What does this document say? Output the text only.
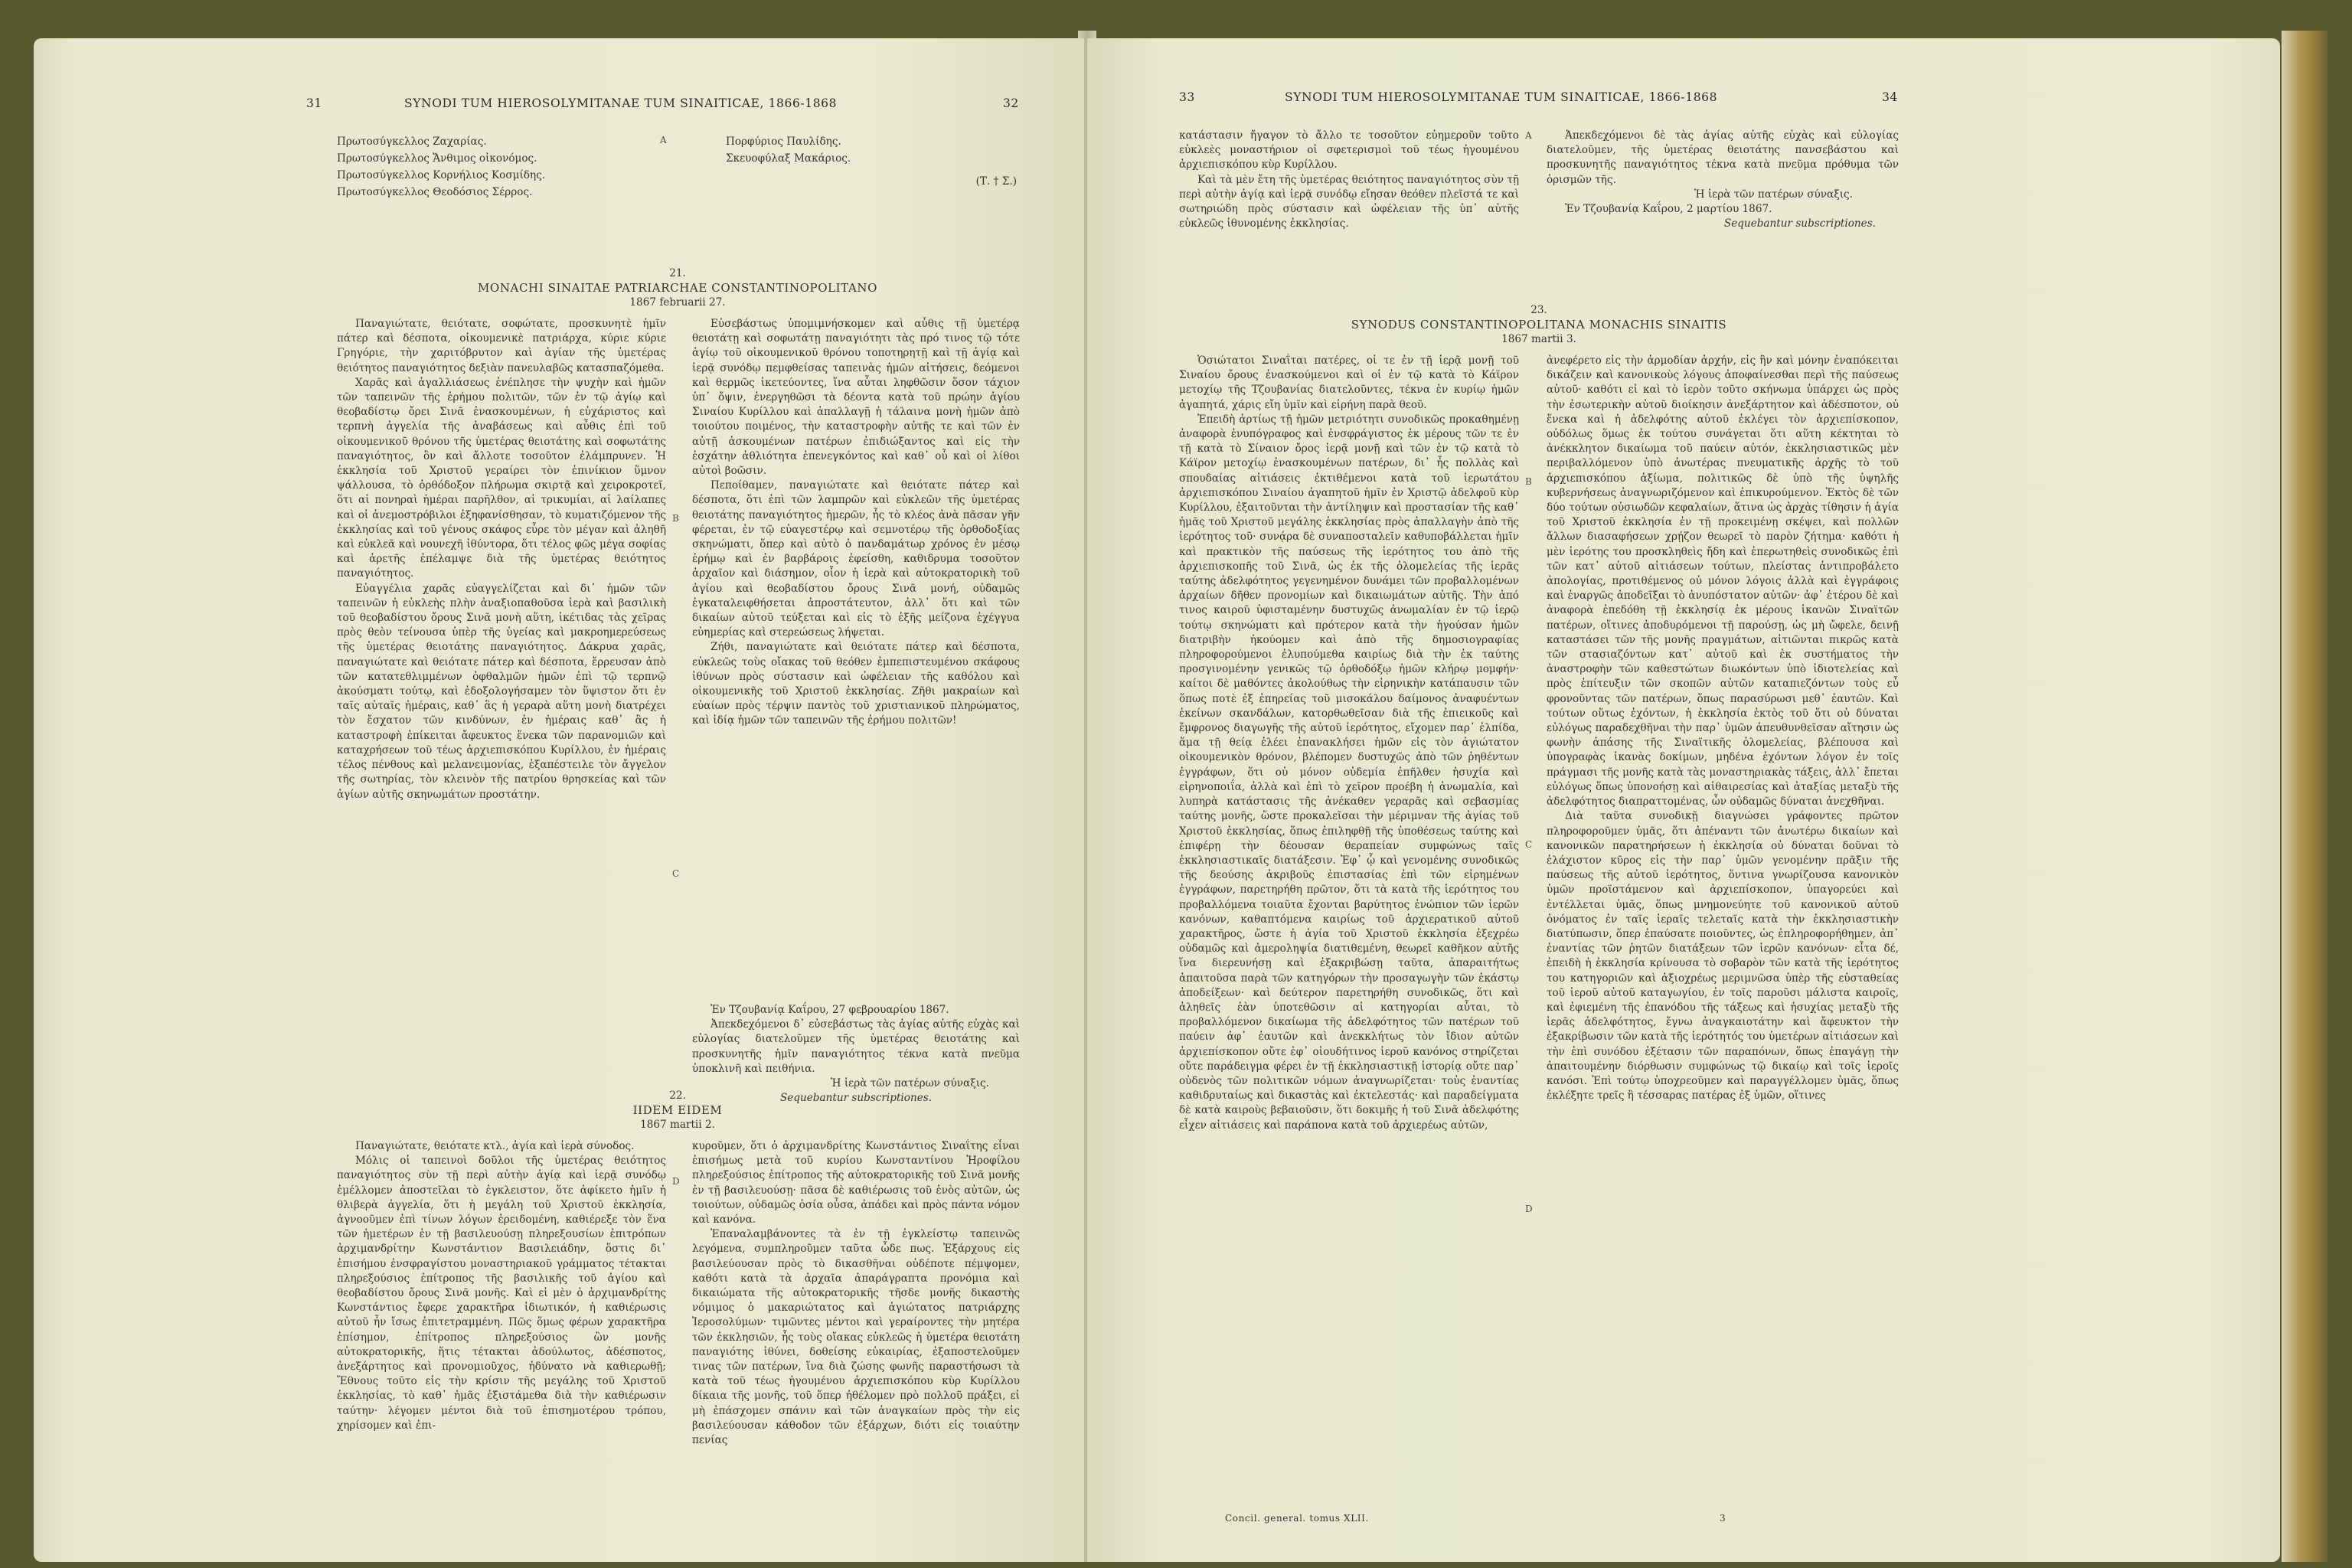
31	SYNODI TUM HIEROSOLYMITANAE TUM SINAITICAE, 1866-1868	32
Πρωτοσύγκελλος Ζαχαρίας.
Πρωτοσύγκελλος Ἄνθιμος οἰκονόμος.
Πρωτοσύγκελλος Κορνήλιος Κοσμίδης.
Πρωτοσύγκελλος Θεοδόσιος Σέρρος.
A	Πορφύριος Παυλίδης.
Σκευοφύλαξ Μακάριος.
(Τ. † Σ.)
21.
MONACHI SINAITAE PATRIARCHAE CONSTANTINOPOLITANO
1867 februarii 27.

Παναγιώτατε, θειότατε, σοφώτατε, προσκυνητὲ ἡμῖν πάτερ καὶ δέσποτα, οἰκουμενικὲ πατριάρχα, κύριε κύριε Γρηγόριε, τὴν χαριτόβρυτον καὶ ἁγίαν τῆς ὑμετέρας θειότητος παναγιότητος δεξιὰν πανευλαβῶς κατασπαζόμεθα.

Χαρᾶς καὶ ἀγαλλιάσεως ἐνέπλησε τὴν ψυχὴν καὶ ἡμῶν τῶν ταπεινῶν τῆς ἐρήμου πολιτῶν, τῶν ἐν τῷ ἁγίῳ καὶ θεοβαδίστῳ ὄρει Σινᾶ ἐνασκουμένων, ἡ εὐχάριστος καὶ τερπνὴ ἀγγελία τῆς ἀναβάσεως καὶ αὖθις ἐπὶ τοῦ οἰκουμενικοῦ θρόνου τῆς ὑμετέρας θειοτάτης καὶ σοφωτάτης παναγιότητος, ὃν καὶ ἄλλοτε τοσοῦτον ἐλάμπρυνεν. Ἡ ἐκκλησία τοῦ Χριστοῦ γεραίρει τὸν ἐπινίκιον ὕμνον ψάλλουσα, τὸ ὀρθόδοξον πλήρωμα σκιρτᾷ καὶ χειροκροτεῖ, ὅτι αἱ πονηραὶ ἡμέραι παρῆλθον, αἱ τρικυμίαι, αἱ λαίλαπες καὶ οἱ ἀνεμοστρόβιλοι ἐξηφανίσθησαν, τὸ κυματιζόμενον τῆς ἐκκλησίας καὶ τοῦ γένους σκάφος εὗρε τὸν μέγαν καὶ ἀληθῆ καὶ εὐκλεᾶ καὶ νουνεχῆ ἰθύντορα, ὅτι τέλος φῶς μέγα σοφίας καὶ ἀρετῆς ἐπέλαμψε διὰ τῆς ὑμετέρας θειότητος παναγιότητος.

Εὐαγγέλια χαρᾶς εὐαγγελίζεται καὶ δι᾿ ἡμῶν τῶν ταπεινῶν ἡ εὐκλεὴς πλὴν ἀναξιοπαθοῦσα ἱερὰ καὶ βασιλικὴ τοῦ θεοβαδίστου ὄρους Σινᾶ μονὴ αὕτη, ἱκέτιδας τὰς χεῖρας πρὸς θεὸν τείνουσα ὑπὲρ τῆς ὑγείας καὶ μακροημερεύσεως τῆς ὑμετέρας θειοτάτης παναγιότητος. Δάκρυα χαρᾶς, παναγιώτατε καὶ θειότατε πάτερ καὶ δέσποτα, ἔρρευσαν ἀπὸ τῶν κατατεθλιμμένων ὀφθαλμῶν ἡμῶν ἐπὶ τῷ τερπνῷ ἀκούσματι τούτῳ, καὶ ἐδοξολογήσαμεν τὸν ὕψιστον ὅτι ἐν ταῖς αὐταῖς ἡμέραις, καθ᾿ ἃς ἡ γεραρὰ αὕτη μονὴ διατρέχει τὸν ἔσχατον τῶν κινδύνων, ἐν ἡμέραις καθ᾿ ἃς ἡ καταστροφὴ ἐπίκειται ἄφευκτος ἕνεκα τῶν παρανομιῶν καὶ καταχρήσεων τοῦ τέως ἀρχιεπισκόπου Κυρίλλου, ἐν ἡμέραις τέλος πένθους καὶ μελανειμονίας, ἐξαπέστειλε τὸν ἄγγελον τῆς σωτηρίας, τὸν κλεινὸν τῆς πατρίου θρησκείας καὶ τῶν ἁγίων αὐτῆς σκηνωμάτων προστάτην.

B
C

Εὐσεβάστως ὑπομιμνήσκομεν καὶ αὖθις τῇ ὑμετέρᾳ θειοτάτῃ καὶ σοφωτάτῃ παναγιότητι τὰς πρό τινος τῷ τότε ἁγίῳ τοῦ οἰκουμενικοῦ θρόνου τοποτηρητῇ καὶ τῇ ἁγίᾳ καὶ ἱερᾷ συνόδῳ πεμφθείσας ταπεινὰς ἡμῶν αἰτήσεις, δεόμενοι καὶ θερμῶς ἱκετεύοντες, ἵνα αὗται ληφθῶσιν ὅσον τάχιον ὑπ᾿ ὄψιν, ἐνεργηθῶσι τὰ δέοντα κατὰ τοῦ πρώην ἁγίου Σιναίου Κυρίλλου καὶ ἀπαλλαγῇ ἡ τάλαινα μονὴ ἡμῶν ἀπὸ τοιούτου ποιμένος, τὴν καταστροφὴν αὐτῆς τε καὶ τῶν ἐν αὐτῇ ἀσκουμένων πατέρων ἐπιδιώξαντος καὶ εἰς τὴν ἐσχάτην ἀθλιότητα ἐπενεγκόντος καὶ καθ᾿ οὗ καὶ οἱ λίθοι αὐτοὶ βοῶσιν.

Πεποίθαμεν, παναγιώτατε καὶ θειότατε πάτερ καὶ δέσποτα, ὅτι ἐπὶ τῶν λαμπρῶν καὶ εὐκλεῶν τῆς ὑμετέρας θειοτάτης παναγιότητος ἡμερῶν, ἧς τὸ κλέος ἀνὰ πᾶσαν γῆν φέρεται, ἐν τῷ εὐαγεστέρῳ καὶ σεμνοτέρῳ τῆς ὀρθοδοξίας σκηνώματι, ὅπερ καὶ αὐτὸ ὁ πανδαμάτωρ χρόνος ἐν μέσῳ ἐρήμῳ καὶ ἐν βαρβάροις ἐφείσθη, καθιδρυμα τοσοῦτον ἀρχαῖον καὶ διάσημον, οἷον ἡ ἱερὰ καὶ αὐτοκρατορικὴ τοῦ ἁγίου καὶ θεοβαδίστου ὄρους Σινᾶ μονή, οὐδαμῶς ἐγκαταλειφθήσεται ἀπροστάτευτον, ἀλλ᾿ ὅτι καὶ τῶν δικαίων αὐτοῦ τεύξεται καὶ εἰς τὸ ἑξῆς μείζονα ἐχέγγυα εὐημερίας καὶ στερεώσεως λήψεται.

Ζήθι, παναγιώτατε καὶ θειότατε πάτερ καὶ δέσποτα, εὐκλεῶς τοὺς οἴακας τοῦ θεόθεν ἐμπεπιστευμένου σκάφους ἰθύνων πρὸς σύστασιν καὶ ὠφέλειαν τῆς καθόλου καὶ οἰκουμενικῆς τοῦ Χριστοῦ ἐκκλησίας. Ζῆθι μακραίων καὶ εὐαίων πρὸς τέρψιν παντὸς τοῦ χριστιανικοῦ πληρώματος, καὶ ἰδίᾳ ἡμῶν τῶν ταπεινῶν τῆς ἐρήμου πολιτῶν!

Ἐν Τζουβανίᾳ Καΐρου, 27 φεβρουαρίου 1867.

Ἀπεκδεχόμενοι δ᾿ εὐσεβάστως τὰς ἁγίας αὐτῆς εὐχὰς καὶ εὐλογίας διατελοῦμεν τῆς ὑμετέρας θειοτάτης καὶ προσκυνητῆς ἡμῖν παναγιότητος τέκνα κατὰ πνεῦμα ὑποκλινῆ καὶ πειθήνια.

Ἡ ἱερὰ τῶν πατέρων σύναξις.
Sequebantur subscriptiones.
22.
IIDEM EIDEM
1867 martii 2.

Παναγιώτατε, θειότατε κτλ., ἁγία καὶ ἱερὰ σύνοδος.

Μόλις οἱ ταπεινοὶ δοῦλοι τῆς ὑμετέρας θειότητος παναγιότητος σὺν τῇ περὶ αὐτὴν ἁγίᾳ καὶ ἱερᾷ συνόδῳ ἐμέλλομεν ἀποστεῖλαι τὸ ἐγκλειστον, ὅτε ἀφίκετο ἡμῖν ἡ θλιβερὰ ἀγγελία, ὅτι ἡ μεγάλη τοῦ Χριστοῦ ἐκκλησία, ἀγνοοῦμεν ἐπὶ τίνων λόγων ἐρειδομένη, καθιέρεξε τὸν ἕνα τῶν ἡμετέρων ἐν τῇ βασιλευούσῃ πληρεξουσίων ἐπιτρόπων ἀρχιμανδρίτην Κωνστάντιον Βασιλειάδην, ὅστις δι᾿ ἐπισήμου ἐνσφραγίστου μοναστηριακοῦ γράμματος τέτακται πληρεξούσιος ἐπίτροπος τῆς βασιλικῆς τοῦ ἁγίου καὶ θεοβαδίστου ὄρους Σινᾶ μονῆς. Καὶ εἰ μὲν ὁ ἀρχιμανδρίτης Κωνστάντιος ἔφερε χαρακτῆρα ἰδιωτικόν, ἡ καθιέρωσις αὐτοῦ ἦν ἴσως ἐπιτετραμμένη. Πῶς ὅμως φέρων χαρακτῆρα ἐπίσημον, ἐπίτροπος πληρεξούσιος ὢν μονῆς αὐτοκρατορικῆς, ἥτις τέτακται ἀδούλωτος, ἀδέσποτος, ἀνεξάρτητος καὶ προνομιοῦχος, ἠδύνατο νὰ καθιερωθῇ; Ἔθνους τοῦτο εἰς τὴν κρίσιν τῆς μεγάλης τοῦ Χριστοῦ ἐκκλησίας, τὸ καθ᾿ ἡμᾶς ἐξιστάμεθα διὰ τὴν καθιέρωσιν ταύτην· λέγομεν μέντοι διὰ τοῦ ἐπισημοτέρου τρόπου, χηρίσομεν καὶ ἐπι-

D

κυροῦμεν, ὅτι ὁ ἀρχιμανδρίτης Κωνστάντιος Σιναΐτης εἶναι ἐπισήμως μετὰ τοῦ κυρίου Κωνσταντίνου Ἡροφίλου πληρεξούσιος ἐπίτροπος τῆς αὐτοκρατορικῆς τοῦ Σινᾶ μονῆς ἐν τῇ βασιλευούσῃ· πᾶσα δὲ καθιέρωσις τοῦ ἑνὸς αὐτῶν, ὡς τοιούτων, οὐδαμῶς ὁσία οὖσα, ἀπάδει καὶ πρὸς πάντα νόμον καὶ κανόνα.

Ἐπαναλαμβάνοντες τὰ ἐν τῇ ἐγκλείστῳ ταπεινῶς λεγόμενα, συμπληροῦμεν ταῦτα ὧδε πως. Ἐξάρχους εἰς βασιλεύουσαν πρὸς τὸ δικασθῆναι οὐδέποτε πέμψομεν, καθότι κατὰ τὰ ἀρχαῖα ἀπαράγραπτα προνόμια καὶ δικαιώματα τῆς αὐτοκρατορικῆς τῆσδε μονῆς δικαστὴς νόμιμος ὁ μακαριώτατος καὶ ἁγιώτατος πατριάρχης Ἱεροσολύμων· τιμῶντες μέντοι καὶ γεραίροντες τὴν μητέρα τῶν ἐκκλησιῶν, ἧς τοὺς οἴακας εὐκλεῶς ἡ ὑμετέρα θειοτάτη παναγιότης ἰθύνει, δοθείσης εὐκαιρίας, ἐξαποστελοῦμεν τινας τῶν πατέρων, ἵνα διὰ ζώσης φωνῆς παραστήσωσι τὰ κατὰ τοῦ τέως ἡγουμένου ἀρχιεπισκόπου κὺρ Κυρίλλου δίκαια τῆς μονῆς, τοῦ ὅπερ ἠθέλομεν πρὸ πολλοῦ πράξει, εἰ μὴ ἐπάσχομεν σπάνιν καὶ τῶν ἀναγκαίων πρὸς τὴν εἰς βασιλεύουσαν κάθοδον τῶν ἐξάρχων, διότι εἰς τοιαύτην πενίας

33	SYNODI TUM HIEROSOLYMITANAE TUM SINAITICAE, 1866-1868	34

κατάστασιν ἤγαγον τὸ ἄλλο τε τοσοῦτον εὐημεροῦν τοῦτο εὐκλεὲς μοναστήριον οἱ σφετερισμοὶ τοῦ τέως ἡγουμένου ἀρχιεπισκόπου κὺρ Κυρίλλου.

Καὶ τὰ μὲν ἔτη τῆς ὑμετέρας θειότητος παναγιότητος σὺν τῇ περὶ αὐτὴν ἁγίᾳ καὶ ἱερᾷ συνόδῳ εἴησαν θεόθεν πλεῖστά τε καὶ σωτηριώδη πρὸς σύστασιν καὶ ὠφέλειαν τῆς ὑπ᾿ αὐτῆς εὐκλεῶς ἰθυνομένης ἐκκλησίας.

A	Ἀπεκδεχόμενοι δὲ τὰς ἁγίας αὐτῆς εὐχὰς καὶ εὐλογίας διατελοῦμεν, τῆς ὑμετέρας θειοτάτης πανσεβάστου καὶ προσκυνητῆς παναγιότητος τέκνα κατὰ πνεῦμα πρόθυμα τῶν ὁρισμῶν τῆς.

Ἡ ἱερὰ τῶν πατέρων σύναξις.

Ἐν Τζουβανίᾳ Καΐρου, 2 μαρτίου 1867.

Sequebantur subscriptiones.
23.
SYNODUS CONSTANTINOPOLITANA MONACHIS SINAITIS
1867 martii 3.

Ὁσιώτατοι Σιναΐται πατέρες, οἱ τε ἐν τῇ ἱερᾷ μονῇ τοῦ Σιναίου ὄρους ἐνασκούμενοι καὶ οἱ ἐν τῷ κατὰ τὸ Κάϊρον μετοχίῳ τῆς Τζουβανίας διατελοῦντες, τέκνα ἐν κυρίῳ ἡμῶν ἀγαπητά, χάρις εἴη ὑμῖν καὶ εἰρήνη παρὰ θεοῦ.

Ἐπειδὴ ἀρτίως τῇ ἡμῶν μετριότητι συνοδικῶς προκαθημένῃ ἀναφορὰ ἐνυπόγραφος καὶ ἐνσφράγιστος ἐκ μέρους τῶν τε ἐν τῇ κατὰ τὸ Σίναιον ὄρος ἱερᾷ μονῇ καὶ τῶν ἐν τῷ κατὰ τὸ Κάϊρον μετοχίῳ ἐνασκουμένων πατέρων, δι᾿ ἧς πολλὰς καὶ σπουδαίας αἰτιάσεις ἐκτιθέμενοι κατὰ τοῦ ἱερωτάτου ἀρχιεπισκόπου Σιναίου ἀγαπητοῦ ἡμῖν ἐν Χριστῷ ἀδελφοῦ κὺρ Κυρίλλου, ἐξαιτοῦνται τὴν ἀντίληψιν καὶ προστασίαν τῆς καθ᾿ ἡμᾶς τοῦ Χριστοῦ μεγάλης ἐκκλησίας πρὸς ἀπαλλαγὴν ἀπὸ τῆς ἱερότητος τοῦ· συνᾴρα δὲ συναποσταλεῖν καθυποβάλλεται ἡμῖν καὶ πρακτικὸν τῆς παύσεως τῆς ἱερότητος του ἀπὸ τῆς ἀρχιεπισκοπῆς τοῦ Σινᾶ, ὡς ἐκ τῆς ὁλομελείας τῆς ἱερᾶς ταύτης ἀδελφότητος γεγενημένον δυνάμει τῶν προβαλλομένων ἀρχαίων δῆθεν προνομίων καὶ δικαιωμάτων αὐτῆς. Τὴν ἀπό τινος καιροῦ ὑφισταμένην δυστυχῶς ἀνωμαλίαν ἐν τῷ ἱερῷ τούτῳ σκηνώματι καὶ πρότερον κατὰ τὴν ἡγούσαν ἡμῶν διατριβὴν ἠκούομεν καὶ ἀπὸ τῆς δημοσιογραφίας πληροφορούμενοι ἐλυπούμεθα καιρίως διὰ τὴν ἐκ ταύτης προσγινομένην γενικῶς τῷ ὀρθοδόξῳ ἡμῶν κλήρῳ μομφήν· καίτοι δὲ μαθόντες ἀκολούθως τὴν εἰρηνικὴν κατάπαυσιν τῶν ὅπως ποτὲ ἐξ ἐπηρείας τοῦ μισοκάλου δαίμονος ἀναφυέντων ἐκείνων σκανδάλων, κατορθωθεῖσαν διὰ τῆς ἐπιεικοῦς καὶ ἔμφρονος διαγωγῆς τῆς αὐτοῦ ἱερότητος, εἴχομεν παρ᾿ ἐλπίδα, ἅμα τῇ θείᾳ ἐλέει ἐπανακλήσει ἡμῶν εἰς τὸν ἁγιώτατον οἰκουμενικὸν θρόνον, βλέπομεν δυστυχῶς ἀπὸ τῶν ῥηθέντων ἐγγράφων, ὅτι οὐ μόνον οὐδεμία ἐπῆλθεν ἡσυχία καὶ εἰρηνοποιΐα, ἀλλὰ καὶ ἐπὶ τὸ χεῖρον προέβη ἡ ἀνωμαλία, καὶ λυπηρὰ κατάστασις τῆς ἀνέκαθεν γεραρᾶς καὶ σεβασμίας ταύτης μονῆς, ὥστε προκαλεῖσαι τὴν μέριμναν τῆς ἁγίας τοῦ Χριστοῦ ἐκκλησίας, ὅπως ἐπιληφθῇ τῆς ὑποθέσεως ταύτης καὶ ἐπιφέρῃ τὴν δέουσαν θεραπείαν συμφώνως ταῖς ἐκκλησιαστικαῖς διατάξεσιν. Ἐφ᾿ ᾧ καὶ γενομένης συνοδικῶς τῆς δεούσης ἀκριβοῦς ἐπιστασίας ἐπὶ τῶν εἰρημένων ἐγγράφων, παρετηρήθη πρῶτον, ὅτι τὰ κατὰ τῆς ἱερότητος του προβαλλόμενα τοιαῦτα ἔχονται βαρύτητος ἐνώπιον τῶν ἱερῶν κανόνων, καθαπτόμενα καιρίως τοῦ ἀρχιερατικοῦ αὐτοῦ χαρακτῆρος, ὥστε ἡ ἁγία τοῦ Χριστοῦ ἐκκλησία ἐξεχρέω οὐδαμῶς καὶ ἀμεροληψία διατιθεμένη, θεωρεῖ καθῆκον αὐτῆς ἵνα διερευνήσῃ καὶ ἐξακριβώσῃ ταῦτα, ἀπαραιτήτως ἀπαιτοῦσα παρὰ τῶν κατηγόρων τὴν προσαγωγὴν τῶν ἑκάστῳ ἀποδείξεων· καὶ δεύτερον παρετηρήθη συνοδικῶς, ὅτι καὶ ἀληθεῖς ἐὰν ὑποτεθῶσιν αἱ κατηγορίαι αὗται, τὸ προβαλλόμενον δικαίωμα τῆς ἀδελφότητος τῶν πατέρων τοῦ παύειν ἀφ᾿ ἑαυτῶν καὶ ἀνεκκλήτως τὸν ἴδιον αὐτῶν ἀρχιεπίσκοπον οὔτε ἐφ᾿ οἱουδήτινος ἱεροῦ κανόνος στηρίζεται οὔτε παράδειγμα φέρει ἐν τῇ ἐκκλησιαστικῇ ἱστορίᾳ οὔτε παρ᾿ οὐδενὸς τῶν πολιτικῶν νόμων ἀναγνωρίζεται· τοὐς ἐναντίας καθιδρυταίως καὶ δικαστὰς καὶ ἐκτελεστάς· καὶ παραδείγματα δὲ κατὰ καιροὺς βεβαιοῦσιν, ὅτι δοκιμῆς ἡ τοῦ Σινᾶ ἀδελφότης εἶχεν αἰτιάσεις καὶ παράπονα κατὰ τοῦ ἀρχιερέως αὐτῶν,

B
C
D

ἀνεφέρετο εἰς τὴν ἁρμοδίαν ἀρχήν, εἰς ἣν καὶ μόνην ἐναπόκειται δικάζειν καὶ κανονικοὺς λόγους ἀποφαίνεσθαι περὶ τῆς παύσεως αὐτοῦ· καθότι εἰ καὶ τὸ ἱερὸν τοῦτο σκήνωμα ὑπάρχει ὡς πρὸς τὴν ἐσωτερικὴν αὐτοῦ διοίκησιν ἀνεξάρτητον καὶ ἀδέσποτον, οὐ ἕνεκα καὶ ἡ ἀδελφότης αὐτοῦ ἐκλέγει τὸν ἀρχιεπίσκοπον, οὐδόλως ὅμως ἐκ τούτου συνάγεται ὅτι αὕτη κέκτηται τὸ ἀνέκκλητον δικαίωμα τοῦ παύειν αὐτόν, ἐκκλησιαστικῶς μὲν περιβαλλόμενον ὑπὸ ἀνωτέρας πνευματικῆς ἀρχῆς τὸ τοῦ ἀρχιεπισκόπου ἀξίωμα, πολιτικῶς δὲ ὑπὸ τῆς ὑψηλῆς κυβερνήσεως ἀναγνωριζόμενον καὶ ἐπικυρούμενον. Ἐκτὸς δὲ τῶν δύο τούτων οὐσιωδῶν κεφαλαίων, ἅτινα ὡς ἀρχὰς τίθησιν ἡ ἁγία τοῦ Χριστοῦ ἐκκλησία ἐν τῇ προκειμένῃ σκέψει, καὶ πολλῶν ἄλλων διασαφήσεων χρῄζον θεωρεῖ τὸ παρὸν ζήτημα· καθότι ἡ μὲν ἱερότης του προσκληθεὶς ἤδη καὶ ἐπερωτηθεὶς συνοδικῶς ἐπὶ τῶν κατ᾿ αὐτοῦ αἰτιάσεων τούτων, πλείστας ἀντιπροβάλετο ἀπολογίας, προτιθέμενος οὐ μόνον λόγοις ἀλλὰ καὶ ἐγγράφοις καὶ ἐναργῶς ἀποδεῖξαι τὸ ἀνυπόστατον αὐτῶν· ἀφ᾿ ἑτέρου δὲ καὶ ἀναφορὰ ἐπεδόθη τῇ ἐκκλησίᾳ ἐκ μέρους ἱκανῶν Σιναϊτῶν πατέρων, οἵτινες ἀποδυρόμενοι τῇ παρούσῃ, ὡς μὴ ὤφελε, δεινῇ καταστάσει τῶν τῆς μονῆς πραγμάτων, αἰτιῶνται πικρῶς κατὰ τῶν στασιαζόντων κατ᾿ αὐτοῦ καὶ ἐκ συστήματος τὴν ἀναστροφὴν τῶν καθεστώτων διωκόντων ὑπὸ ἰδιοτελείας καὶ πρὸς ἐπίτευξιν τῶν σκοπῶν αὐτῶν καταπιεζόντων τοὺς εὖ φρονοῦντας τῶν πατέρων, ὅπως παρασύρωσι μεθ᾿ ἑαυτῶν. Καὶ τούτων οὕτως ἐχόντων, ἡ ἐκκλησία ἐκτὸς τοῦ ὅτι οὐ δύναται εὐλόγως παραδεχθῆναι τὴν παρ᾿ ὑμῶν ἀπευθυνθεῖσαν αἴτησιν ὡς φωνὴν ἁπάσης τῆς Σιναϊτικῆς ὁλομελείας, βλέπουσα καὶ ὑπογραφὰς ἱκανὰς δοκίμων, μηδένα ἐχόντων λόγον ἐν τοῖς πράγμασι τῆς μονῆς κατὰ τὰς μοναστηριακὰς τάξεις, ἀλλ᾿ ἔπεται εὐλόγως ὅπως ὑπονοήσῃ καὶ αἱθαιρεσίας καὶ ἀταξίας μεταξὺ τῆς ἀδελφότητος διαπραττομένας, ὧν οὐδαμῶς δύναται ἀνεχθῆναι.

Διὰ ταῦτα συνοδικῇ διαγνώσει γράφοντες πρῶτον πληροφοροῦμεν ὑμᾶς, ὅτι ἀπέναντι τῶν ἀνωτέρω δικαίων καὶ κανονικῶν παρατηρήσεων ἡ ἐκκλησία οὐ δύναται δοῦναι τὸ ἐλάχιστον κῦρος εἰς τὴν παρ᾿ ὑμῶν γενομένην πρᾶξιν τῆς παύσεως τῆς αὐτοῦ ἱερότητος, ὅντινα γνωρίζουσα κανονικὸν ὑμῶν προϊστάμενον καὶ ἀρχιεπίσκοπον, ὑπαγορεύει καὶ ἐντέλλεται ὑμᾶς, ὅπως μνημονεύητε τοῦ κανονικοῦ αὐτοῦ ὀνόματος ἐν ταῖς ἱεραῖς τελεταῖς κατὰ τὴν ἐκκλησιαστικὴν διατύπωσιν, ὅπερ ἐπαύσατε ποιοῦντες, ὡς ἐπληροφορήθημεν, ἀπ᾿ ἐναντίας τῶν ῥητῶν διατάξεων τῶν ἱερῶν κανόνων· εἶτα δέ, ἐπειδὴ ἡ ἐκκλησία κρίνουσα τὸ σοβαρὸν τῶν κατὰ τῆς ἱερότητος του κατηγοριῶν καὶ ἀξιοχρέως μεριμνῶσα ὑπὲρ τῆς εὐσταθείας τοῦ ἱεροῦ αὐτοῦ καταγωγίου, ἐν τοῖς παροῦσι μάλιστα καιροῖς, καὶ ἐφιεμένη τῆς ἐπανόδου τῆς τάξεως καὶ ἡσυχίας μεταξὺ τῆς ἱερᾶς ἀδελφότητος, ἔγνω ἀναγκαιοτάτην καὶ ἄφευκτον τὴν ἐξακρίβωσιν τῶν κατὰ τῆς ἱερότητός του ὑμετέρων αἰτιάσεων καὶ τὴν ἐπὶ συνόδου ἐξέτασιν τῶν παραπόνων, ὅπως ἐπαγάγῃ τὴν ἀπαιτουμένην διόρθωσιν συμφώνως τῷ δικαίῳ καὶ τοῖς ἱεροῖς κανόσι. Ἐπὶ τούτῳ ὑποχρεοῦμεν καὶ παραγγέλλομεν ὑμᾶς, ὅπως ἐκλέξητε τρεῖς ἢ τέσσαρας πατέρας ἐξ ὑμῶν, οἵτινες

Concil. general. tomus XLII.	3
